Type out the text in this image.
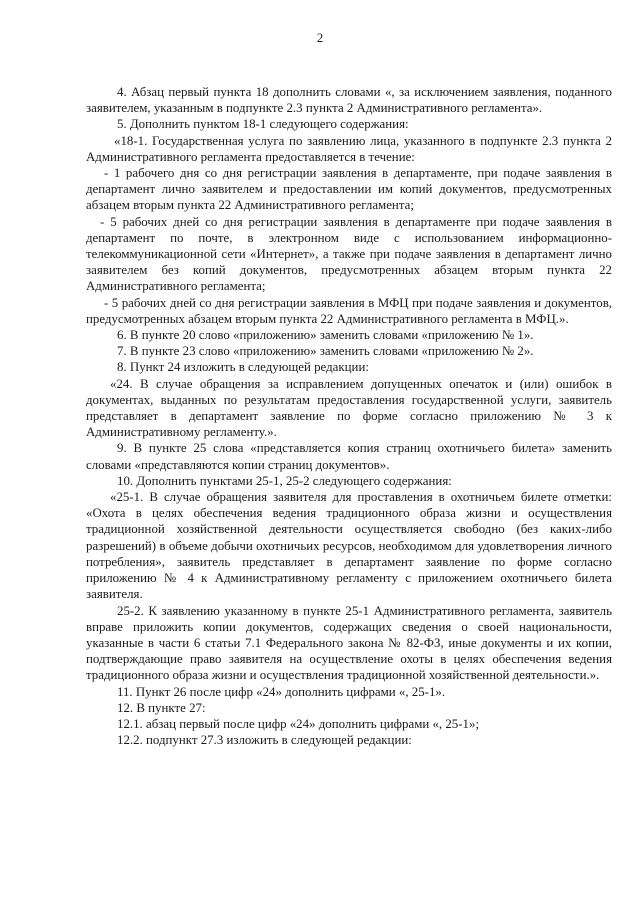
2

4. Абзац первый пункта 18 дополнить словами «, за исключением заявления, поданного заявителем, указанным в подпункте 2.3 пункта 2 Административного регламента».

5. Дополнить пунктом 18-1 следующего содержания:

«18-1. Государственная услуга по заявлению лица, указанного в подпункте 2.3 пункта 2 Административного регламента предоставляется в течение:

- 1 рабочего дня со дня регистрации заявления в департаменте, при подаче заявления в департамент лично заявителем и предоставлении им копий документов, предусмотренных абзацем вторым пункта 22 Административного регламента;

- 5 рабочих дней со дня регистрации заявления в департаменте при подаче заявления в департамент по почте, в электронном виде с использованием информационно-телекоммуникационной сети «Интернет», а также при подаче заявления в департамент лично заявителем без копий документов, предусмотренных абзацем вторым пункта 22 Административного регламента;

- 5 рабочих дней со дня регистрации заявления в МФЦ при подаче заявления и документов, предусмотренных абзацем вторым пункта 22 Административного регламента в МФЦ.».

6. В пункте 20 слово «приложению» заменить словами «приложению № 1».

7. В пункте 23 слово «приложению» заменить словами «приложению № 2».

8. Пункт 24 изложить в следующей редакции:

«24. В случае обращения за исправлением допущенных опечаток и (или) ошибок в документах, выданных по результатам предоставления государственной услуги, заявитель представляет в департамент заявление по форме согласно приложению № 3 к Административному регламенту.».

9. В пункте 25 слова «представляется копия страниц охотничьего билета» заменить словами «представляются копии страниц документов».

10. Дополнить пунктами 25-1, 25-2 следующего содержания:

«25-1. В случае обращения заявителя для проставления в охотничьем билете отметки: «Охота в целях обеспечения ведения традиционного образа жизни и осуществления традиционной хозяйственной деятельности осуществляется свободно (без каких-либо разрешений) в объеме добычи охотничьих ресурсов, необходимом для удовлетворения личного потребления», заявитель представляет в департамент заявление по форме согласно приложению № 4 к Административному регламенту с приложением охотничьего билета заявителя.

25-2. К заявлению указанному в пункте 25-1 Административного регламента, заявитель вправе приложить копии документов, содержащих сведения о своей национальности, указанные в части 6 статьи 7.1 Федерального закона № 82-ФЗ, иные документы и их копии, подтверждающие право заявителя на осуществление охоты в целях обеспечения ведения традиционного образа жизни и осуществления традиционной хозяйственной деятельности.».

11. Пункт 26 после цифр «24» дополнить цифрами «, 25-1».

12. В пункте 27:

12.1. абзац первый после цифр «24» дополнить цифрами «, 25-1»;

12.2. подпункт 27.3 изложить в следующей редакции:
